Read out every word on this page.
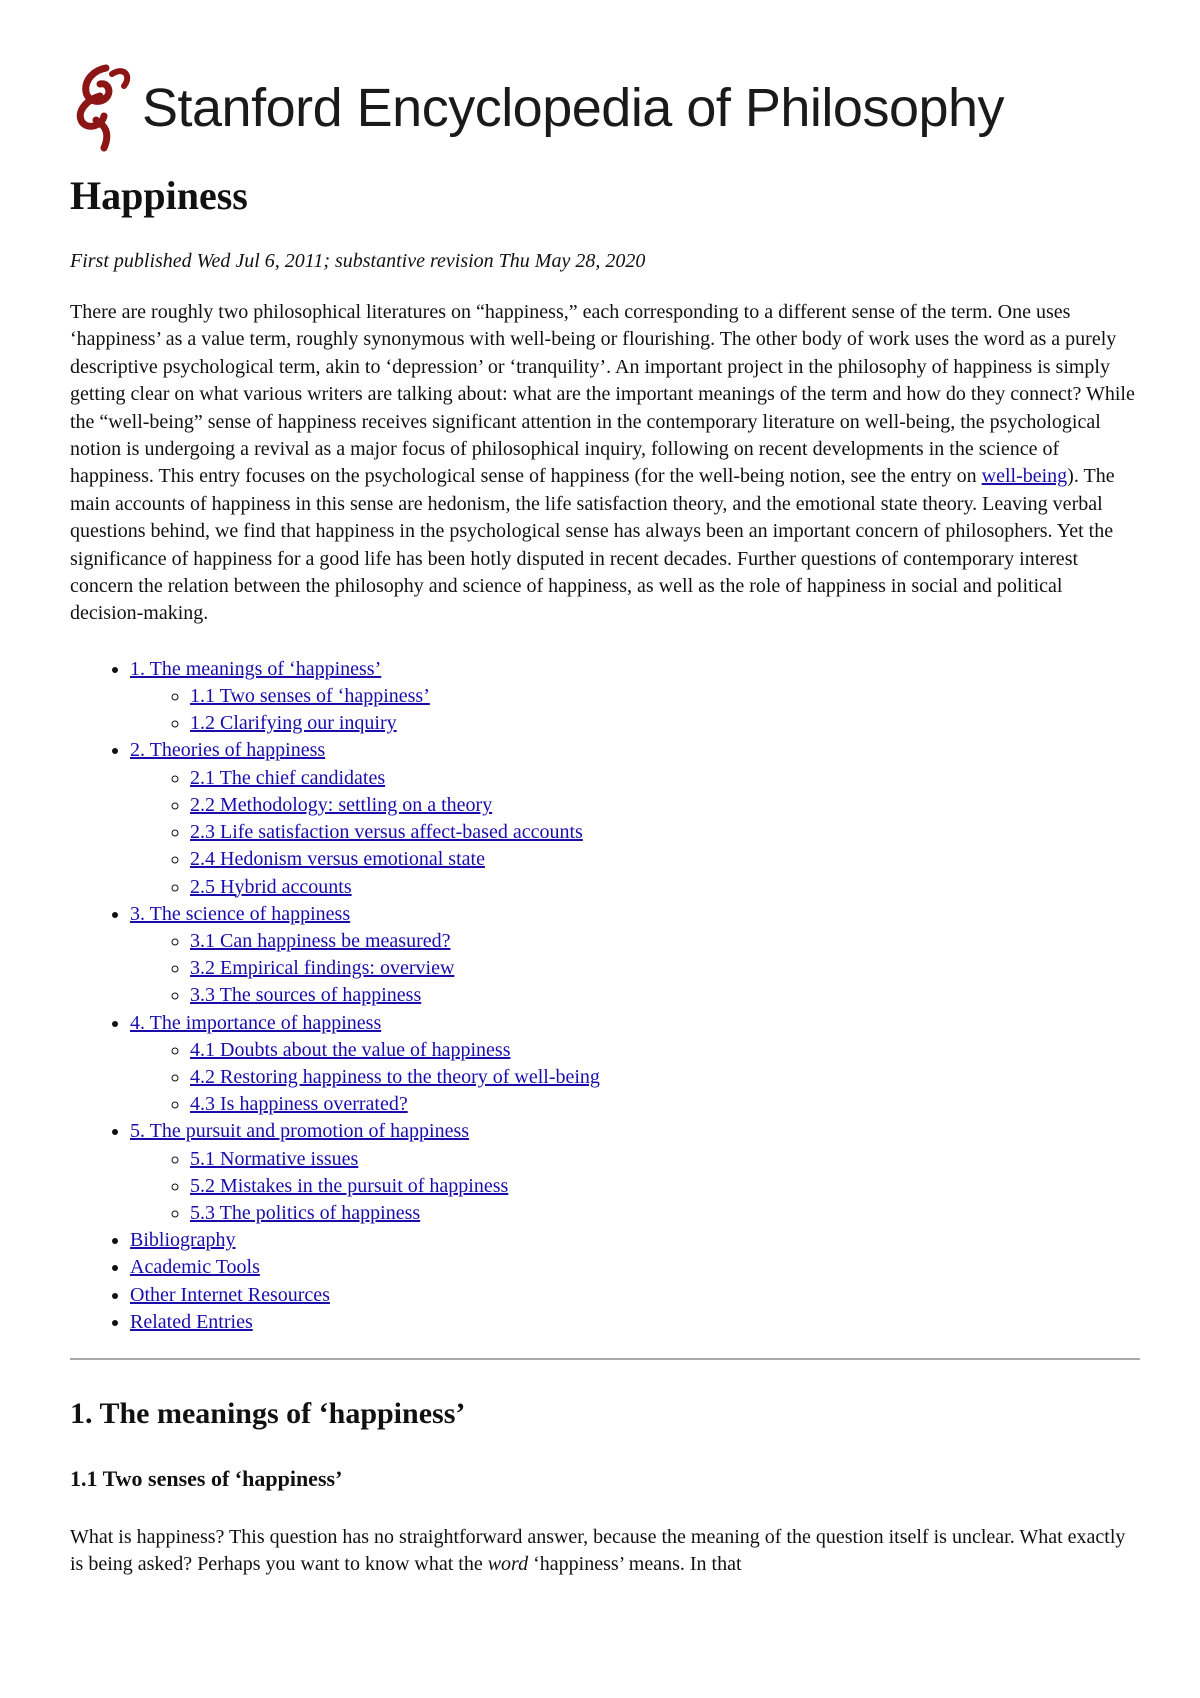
Stanford Encyclopedia of Philosophy
Happiness

First published Wed Jul 6, 2011; substantive revision Thu May 28, 2020

There are roughly two philosophical literatures on “happiness,” each corresponding to a different sense of the term. One uses ‘happiness’ as a value term, roughly synonymous with well-being or flourishing. The other body of work uses the word as a purely descriptive psychological term, akin to ‘depression’ or ‘tranquility’. An important project in the philosophy of happiness is simply getting clear on what various writers are talking about: what are the important meanings of the term and how do they connect? While the “well-being” sense of happiness receives significant attention in the contemporary literature on well-being, the psychological notion is undergoing a revival as a major focus of philosophical inquiry, following on recent developments in the science of happiness. This entry focuses on the psychological sense of happiness (for the well-being notion, see the entry on well-being). The main accounts of happiness in this sense are hedonism, the life satisfaction theory, and the emotional state theory. Leaving verbal questions behind, we find that happiness in the psychological sense has always been an important concern of philosophers. Yet the significance of happiness for a good life has been hotly disputed in recent decades. Further questions of contemporary interest concern the relation between the philosophy and science of happiness, as well as the role of happiness in social and political decision-making.

• 1. The meanings of ‘happiness’
◦ 1.1 Two senses of ‘happiness’
◦ 1.2 Clarifying our inquiry
• 2. Theories of happiness
◦ 2.1 The chief candidates
◦ 2.2 Methodology: settling on a theory
◦ 2.3 Life satisfaction versus affect-based accounts
◦ 2.4 Hedonism versus emotional state
◦ 2.5 Hybrid accounts
• 3. The science of happiness
◦ 3.1 Can happiness be measured?
◦ 3.2 Empirical findings: overview
◦ 3.3 The sources of happiness
• 4. The importance of happiness
◦ 4.1 Doubts about the value of happiness
◦ 4.2 Restoring happiness to the theory of well-being
◦ 4.3 Is happiness overrated?
• 5. The pursuit and promotion of happiness
◦ 5.1 Normative issues
◦ 5.2 Mistakes in the pursuit of happiness
◦ 5.3 The politics of happiness
• Bibliography
• Academic Tools
• Other Internet Resources
• Related Entries
1. The meanings of ‘happiness’
1.1 Two senses of ‘happiness’

What is happiness? This question has no straightforward answer, because the meaning of the question itself is unclear. What exactly is being asked? Perhaps you want to know what the word ‘happiness’ means. In that
